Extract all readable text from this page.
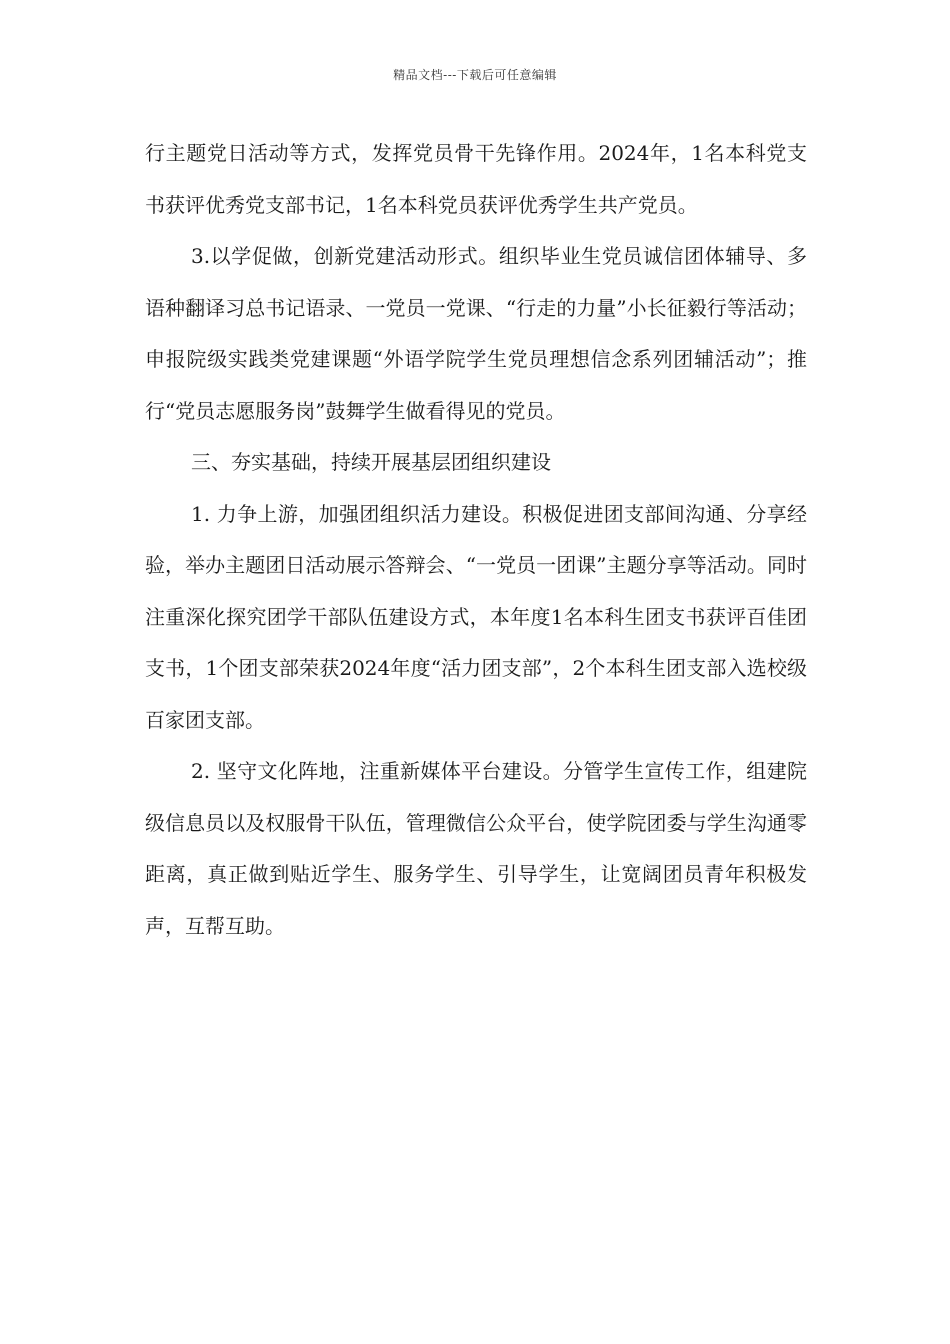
精品文档---下载后可任意编辑

行主题党日活动等方式，发挥党员骨干先锋作用。2024年，1名本科党支书获评优秀党支部书记，1名本科党员获评优秀学生共产党员。

3.以学促做，创新党建活动形式。组织毕业生党员诚信团体辅导、多语种翻译习总书记语录、一党员一党课、“行走的力量”小长征毅行等活动；申报院级实践类党建课题“外语学院学生党员理想信念系列团辅活动”；推行“党员志愿服务岗”鼓舞学生做看得见的党员。

三、夯实基础，持续开展基层团组织建设

1. 力争上游，加强团组织活力建设。积极促进团支部间沟通、分享经验，举办主题团日活动展示答辩会、“一党员一团课”主题分享等活动。同时注重深化探究团学干部队伍建设方式，本年度1名本科生团支书获评百佳团支书，1个团支部荣获2024年度“活力团支部”，2个本科生团支部入选校级百家团支部。

2. 坚守文化阵地，注重新媒体平台建设。分管学生宣传工作，组建院级信息员以及权服骨干队伍，管理微信公众平台，使学院团委与学生沟通零距离，真正做到贴近学生、服务学生、引导学生，让宽阔团员青年积极发声，互帮互助。
